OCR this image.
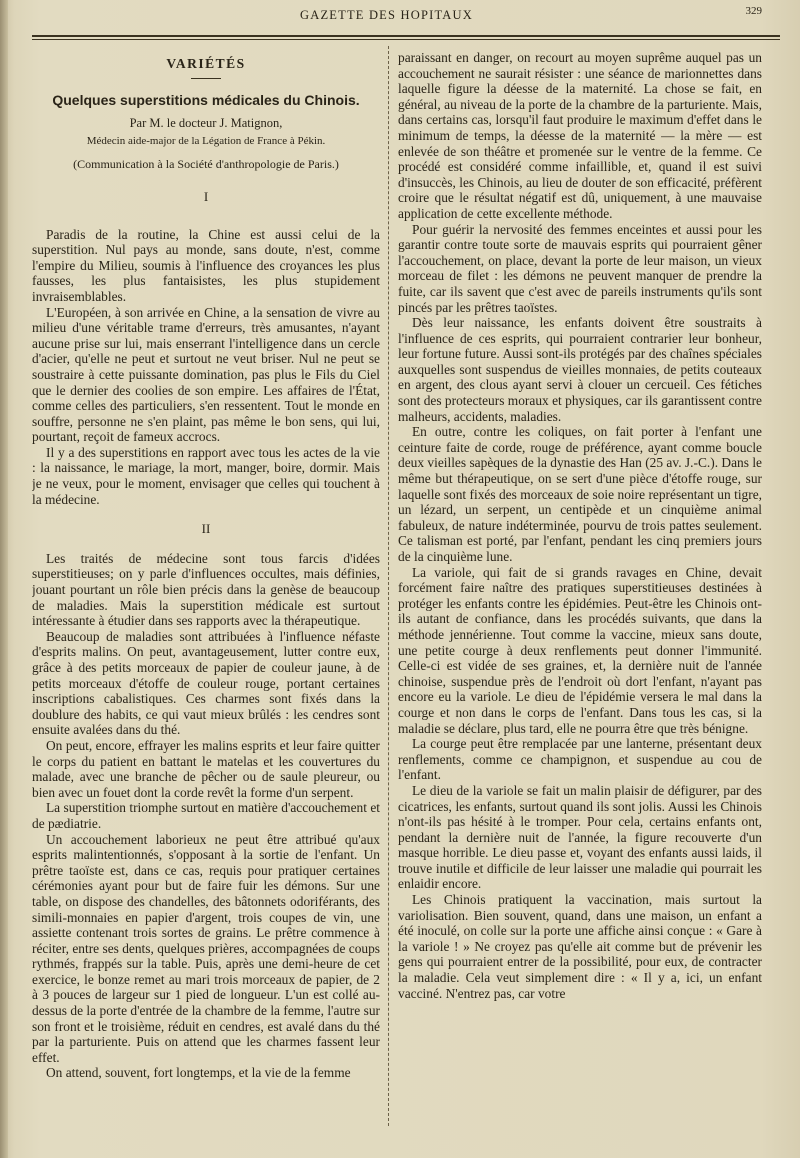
GAZETTE DES HOPITAUX	329
VARIÉTÉS
Quelques superstitions médicales du Chinois.
Par M. le docteur J. Matignon,
Médecin aide-major de la Légation de France à Pékin.
(Communication à la Société d'anthropologie de Paris.)
I

Paradis de la routine, la Chine est aussi celui de la superstition. Nul pays au monde, sans doute, n'est, comme l'empire du Milieu, soumis à l'influence des croyances les plus fausses, les plus fantaisistes, les plus stupidement invraisemblables.

L'Européen, à son arrivée en Chine, a la sensation de vivre au milieu d'une véritable trame d'erreurs, très amusantes, n'ayant aucune prise sur lui, mais enserrant l'intelligence dans un cercle d'acier, qu'elle ne peut et surtout ne veut briser. Nul ne peut se soustraire à cette puissante domination, pas plus le Fils du Ciel que le dernier des coolies de son empire. Les affaires de l'État, comme celles des particuliers, s'en ressentent. Tout le monde en souffre, personne ne s'en plaint, pas même le bon sens, qui lui, pourtant, reçoit de fameux accrocs.

Il y a des superstitions en rapport avec tous les actes de la vie : la naissance, le mariage, la mort, manger, boire, dormir. Mais je ne veux, pour le moment, envisager que celles qui touchent à la médecine.

II

Les traités de médecine sont tous farcis d'idées superstitieuses; on y parle d'influences occultes, mais définies, jouant pourtant un rôle bien précis dans la genèse de beaucoup de maladies. Mais la superstition médicale est surtout intéressante à étudier dans ses rapports avec la thérapeutique.

Beaucoup de maladies sont attribuées à l'influence néfaste d'esprits malins. On peut, avantageusement, lutter contre eux, grâce à des petits morceaux de papier de couleur jaune, à de petits morceaux d'étoffe de couleur rouge, portant certaines inscriptions cabalistiques. Ces charmes sont fixés dans la doublure des habits, ce qui vaut mieux brûlés : les cendres sont ensuite avalées dans du thé.

On peut, encore, effrayer les malins esprits et leur faire quitter le corps du patient en battant le matelas et les couvertures du malade, avec une branche de pêcher ou de saule pleureur, ou bien avec un fouet dont la corde revêt la forme d'un serpent.

La superstition triomphe surtout en matière d'accouchement et de pædiatrie.

Un accouchement laborieux ne peut être attribué qu'aux esprits malintentionnés, s'opposant à la sortie de l'enfant. Un prêtre taoïste est, dans ce cas, requis pour pratiquer certaines cérémonies ayant pour but de faire fuir les démons. Sur une table, on dispose des chandelles, des bâtonnets odoriférants, des simili-monnaies en papier d'argent, trois coupes de vin, une assiette contenant trois sortes de grains. Le prêtre commence à réciter, entre ses dents, quelques prières, accompagnées de coups rythmés, frappés sur la table. Puis, après une demi-heure de cet exercice, le bonze remet au mari trois morceaux de papier, de 2 à 3 pouces de largeur sur 1 pied de longueur. L'un est collé au-dessus de la porte d'entrée de la chambre de la femme, l'autre sur son front et le troisième, réduit en cendres, est avalé dans du thé par la parturiente. Puis on attend que les charmes fassent leur effet.

On attend, souvent, fort longtemps, et la vie de la femme

paraissant en danger, on recourt au moyen suprême auquel pas un accouchement ne saurait résister : une séance de marionnettes dans laquelle figure la déesse de la maternité. La chose se fait, en général, au niveau de la porte de la chambre de la parturiente. Mais, dans certains cas, lorsqu'il faut produire le maximum d'effet dans le minimum de temps, la déesse de la maternité — la mère — est enlevée de son théâtre et promenée sur le ventre de la femme. Ce procédé est considéré comme infaillible, et, quand il est suivi d'insuccès, les Chinois, au lieu de douter de son efficacité, préfèrent croire que le résultat négatif est dû, uniquement, à une mauvaise application de cette excellente méthode.

Pour guérir la nervosité des femmes enceintes et aussi pour les garantir contre toute sorte de mauvais esprits qui pourraient gêner l'accouchement, on place, devant la porte de leur maison, un vieux morceau de filet : les démons ne peuvent manquer de prendre la fuite, car ils savent que c'est avec de pareils instruments qu'ils sont pincés par les prêtres taoïstes.

Dès leur naissance, les enfants doivent être soustraits à l'influence de ces esprits, qui pourraient contrarier leur bonheur, leur fortune future. Aussi sont-ils protégés par des chaînes spéciales auxquelles sont suspendus de vieilles monnaies, de petits couteaux en argent, des clous ayant servi à clouer un cercueil. Ces fétiches sont des protecteurs moraux et physiques, car ils garantissent contre malheurs, accidents, maladies.

En outre, contre les coliques, on fait porter à l'enfant une ceinture faite de corde, rouge de préférence, ayant comme boucle deux vieilles sapèques de la dynastie des Han (25 av. J.-C.). Dans le même but thérapeutique, on se sert d'une pièce d'étoffe rouge, sur laquelle sont fixés des morceaux de soie noire représentant un tigre, un lézard, un serpent, un centipède et un cinquième animal fabuleux, de nature indéterminée, pourvu de trois pattes seulement. Ce talisman est porté, par l'enfant, pendant les cinq premiers jours de la cinquième lune.

La variole, qui fait de si grands ravages en Chine, devait forcément faire naître des pratiques superstitieuses destinées à protéger les enfants contre les épidémies. Peut-être les Chinois ont-ils autant de confiance, dans les procédés suivants, que dans la méthode jennérienne. Tout comme la vaccine, mieux sans doute, une petite courge à deux renflements peut donner l'immunité. Celle-ci est vidée de ses graines, et, la dernière nuit de l'année chinoise, suspendue près de l'endroit où dort l'enfant, n'ayant pas encore eu la variole. Le dieu de l'épidémie versera le mal dans la courge et non dans le corps de l'enfant. Dans tous les cas, si la maladie se déclare, plus tard, elle ne pourra être que très bénigne.

La courge peut être remplacée par une lanterne, présentant deux renflements, comme ce champignon, et suspendue au cou de l'enfant.

Le dieu de la variole se fait un malin plaisir de défigurer, par des cicatrices, les enfants, surtout quand ils sont jolis. Aussi les Chinois n'ont-ils pas hésité à le tromper. Pour cela, certains enfants ont, pendant la dernière nuit de l'année, la figure recouverte d'un masque horrible. Le dieu passe et, voyant des enfants aussi laids, il trouve inutile et difficile de leur laisser une maladie qui pourrait les enlaidir encore.

Les Chinois pratiquent la vaccination, mais surtout la variolisation. Bien souvent, quand, dans une maison, un enfant a été inoculé, on colle sur la porte une affiche ainsi conçue : « Gare à la variole ! » Ne croyez pas qu'elle ait comme but de prévenir les gens qui pourraient entrer de la possibilité, pour eux, de contracter la maladie. Cela veut simplement dire : « Il y a, ici, un enfant vacciné. N'entrez pas, car votre
